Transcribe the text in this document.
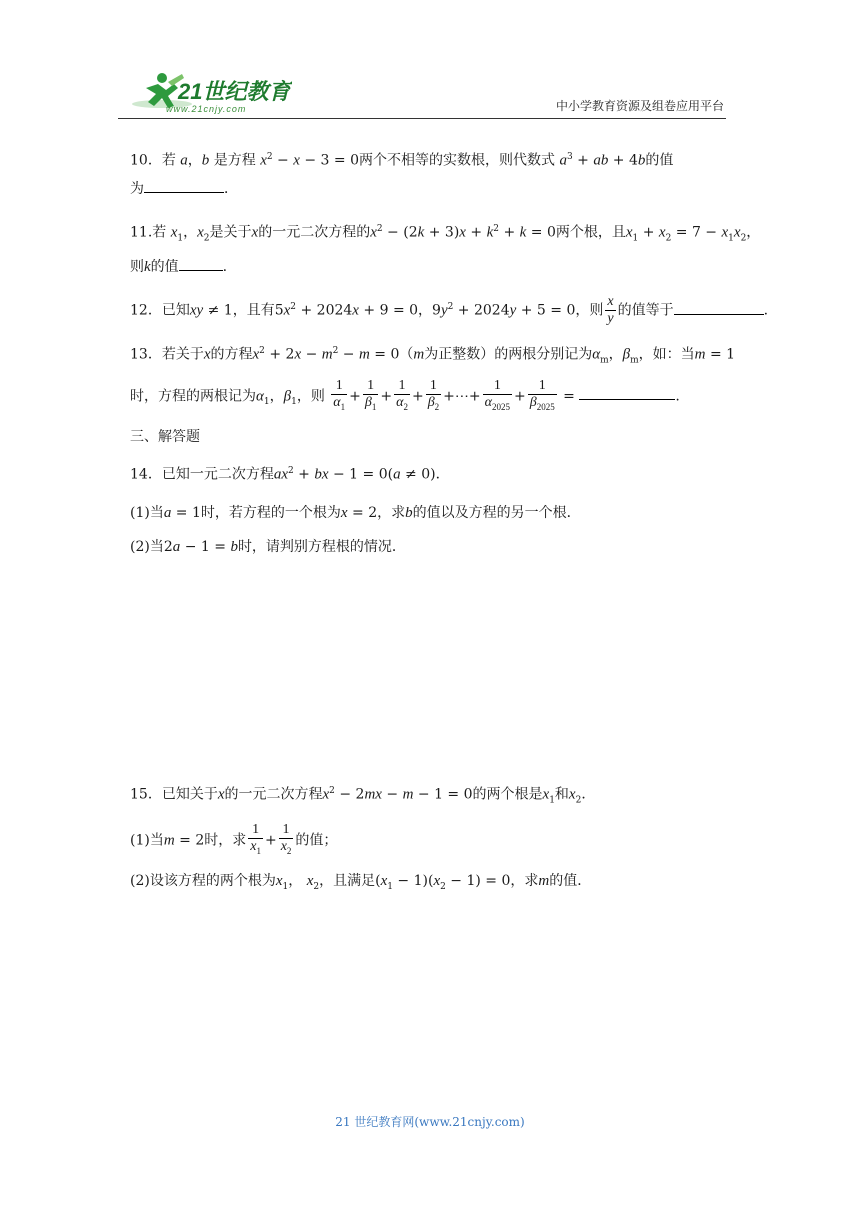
21世纪教育
www.21cnjy.com	中小学教育资源及组卷应用平台
10．若 a，b 是方程 $x^2 - x - 3 = 0$两个不相等的实数根，则代数式 $a^3$ + ab + 4b的值
为	．
11.若 $x_1$，$x_2$是关于x的一元二次方程的$x^2 - (2k + 3)x + k^2 + k = 0$两个根，且$x_1 + x_2 = 7 - x_1x_2$，
则k的值	.
12．已知xy ≠ 1，且有$5x^2 + 2024x + 9 = 0$，$9y^2 + 2024y + 5 = 0$，则 $\frac{x}{y}$ 的值等于	.
13．若关于x的方程$x^2 + 2x - m^2 - m = 0(m$为正整数）的两根分别记为$\alpha_m$，$\beta_m$，如：当m = 1
时，方程的两根记为$\alpha_1$，$\beta_1$，则 $\frac{1}{\alpha_1} + \frac{1}{\beta_1} + \frac{1}{\alpha_2} + \frac{1}{\beta_2}$ +⋯+ $\frac{1}{\alpha_{2025}} + \frac{1}{\beta_{2025}}$ =	.
三、解答题
14．已知一元二次方程$ax^2$ + bx − 1 = 0(a ≠ 0)．
(1)当a = 1时，若方程的一个根为x = 2，求b的值以及方程的另一个根．
(2)当2a − 1 = b时，请判别方程根的情况．
15．已知关于x的一元二次方程$x^2 - 2mx - m - 1 = 0$的两个根是$x_1$和$x_2$．
(1)当m = 2时，求 $\frac{1}{x_1} + \frac{1}{x_2}$ 的值；
(2)设该方程的两个根为$x_1$， $x_2$，且满足$(x_1 - 1)(x_2 - 1) = 0$，求m的值．
21 世纪教育网(www.21cnjy.com)
